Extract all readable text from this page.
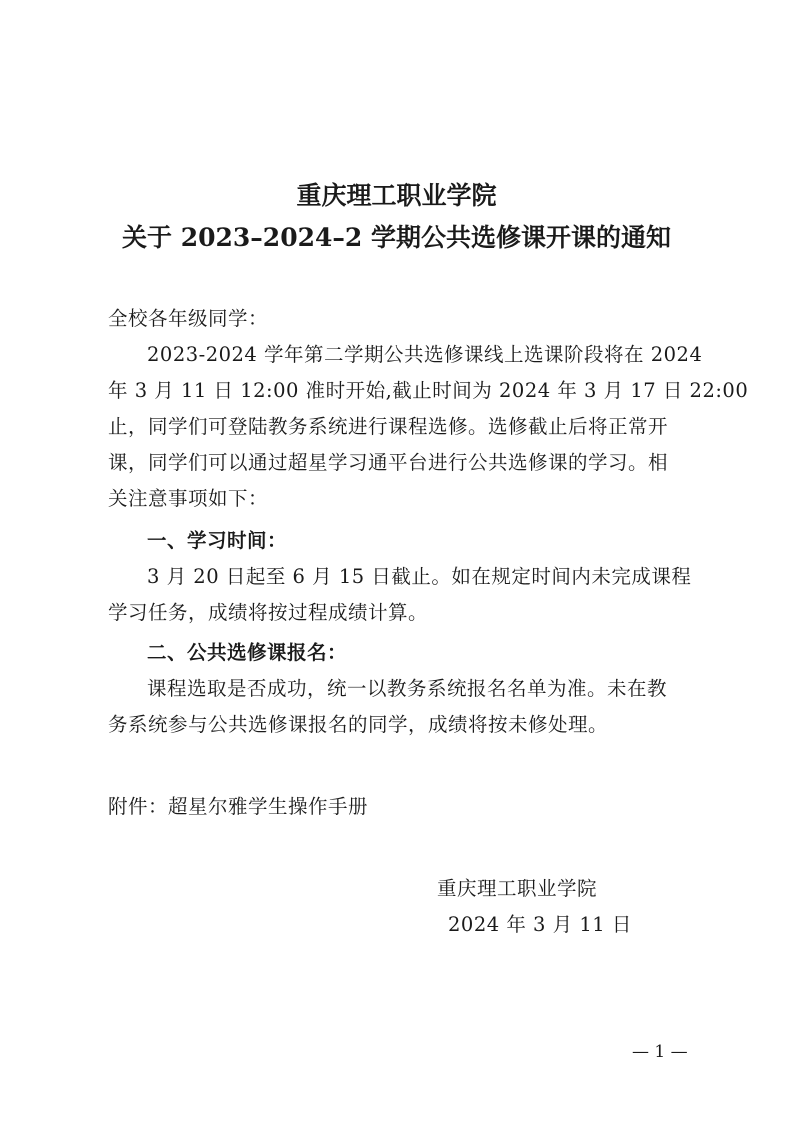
重庆理工职业学院
关于 2023–2024–2 学期公共选修课开课的通知
全校各年级同学：
2023-2024 学年第二学期公共选修课线上选课阶段将在 2024
年 3 月 11 日 12:00 准时开始,截止时间为 2024 年 3 月 17 日 22:00
止，同学们可登陆教务系统进行课程选修。选修截止后将正常开
课，同学们可以通过超星学习通平台进行公共选修课的学习。相
关注意事项如下：
一、学习时间：
3 月 20 日起至 6 月 15 日截止。如在规定时间内未完成课程
学习任务，成绩将按过程成绩计算。
二、公共选修课报名：
课程选取是否成功，统一以教务系统报名名单为准。未在教
务系统参与公共选修课报名的同学，成绩将按未修处理。
附件：超星尔雅学生操作手册
重庆理工职业学院
2024 年 3 月 11 日
— 1 —
